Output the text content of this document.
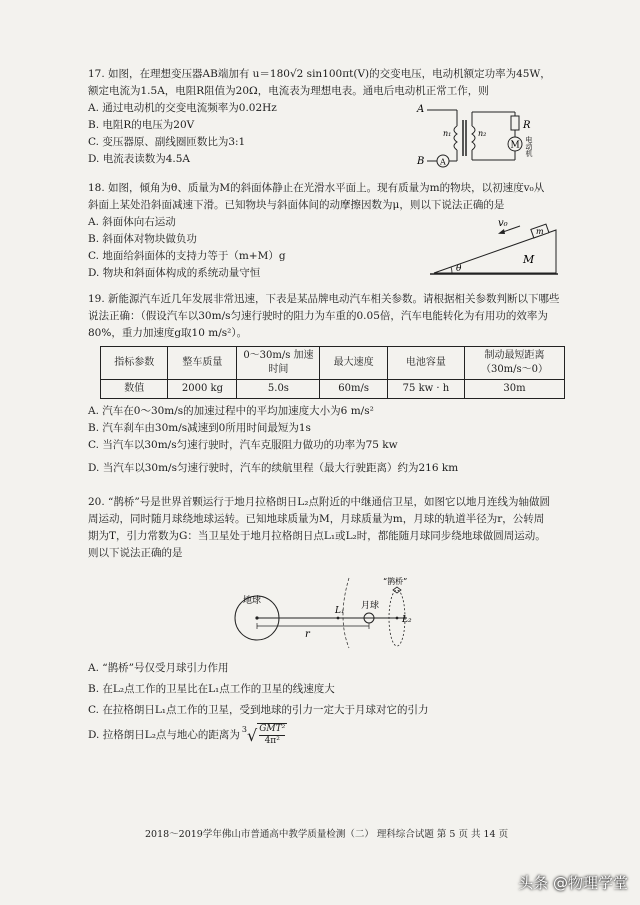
17. 如图，在理想变压器AB端加有 u＝180√2 sin100πt(V)的交变电压，电动机额定功率为45W，额定电流为1.5A，电阻R阻值为20Ω，电流表为理想电表。通电后电动机正常工作，则

A. 通过电动机的交变电流频率为0.02Hz

B. 电阻R的电压为20V

C. 变压器原、副线圈匝数比为3:1

D. 电流表读数为4.5A

A
B A
n₁	n₂
R
M 电动机

18. 如图，倾角为θ、质量为M的斜面体静止在光滑水平面上。现有质量为m的物块，以初速度v₀从斜面上某处沿斜面减速下滑。已知物块与斜面体间的动摩擦因数为μ，则以下说法正确的是

A. 斜面体向右运动

B. 斜面体对物块做负功

C. 地面给斜面体的支持力等于（m+M）g

D. 物块和斜面体构成的系统动量守恒	θ
M
m
v₀

19. 新能源汽车近几年发展非常迅速，下表是某品牌电动汽车相关参数。请根据相关参数判断以下哪些说法正确：（假设汽车以30m/s匀速行驶时的阻力为车重的0.05倍，汽车电能转化为有用功的效率为80%，重力加速度g取10 m/s²）。

指标参数	整车质量	0～30m/s 加速时间	最大速度	电池容量	制动最短距离（30m/s～0）
数值	2000 kg	5.0s	60m/s	75 kw · h	30m

A. 汽车在0～30m/s的加速过程中的平均加速度大小为6 m/s²

B. 汽车刹车由30m/s减速到0所用时间最短为1s

C. 当汽车以30m/s匀速行驶时，汽车克服阻力做功的功率为75 kw

D. 当汽车以30m/s匀速行驶时，汽车的续航里程（最大行驶距离）约为216 km

20. “鹊桥”号是世界首颗运行于地月拉格朗日L₂点附近的中继通信卫星，如图它以地月连线为轴做圆周运动，同时随月球绕地球运转。已知地球质量为M，月球质量为m，月球的轨道半径为r，公转周期为T，引力常数为G：当卫星处于地月拉格朗日点L₁或L₂时，都能随月球同步绕地球做圆周运动。则以下说法正确的是

地球
r
L₁ 月球
L₂
“鹊桥”

A. “鹊桥”号仅受月球引力作用

B. 在L₂点工作的卫星比在L₁点工作的卫星的线速度大

C. 在拉格朗日L₁点工作的卫星，受到地球的引力一定大于月球对它的引力

D. 拉格朗日L₂点与地心的距离为 3 √ GMT²
4π²

2018～2019学年佛山市普通高中教学质量检测（二） 理科综合试题 第 5 页 共 14 页
头条 @物理学堂
